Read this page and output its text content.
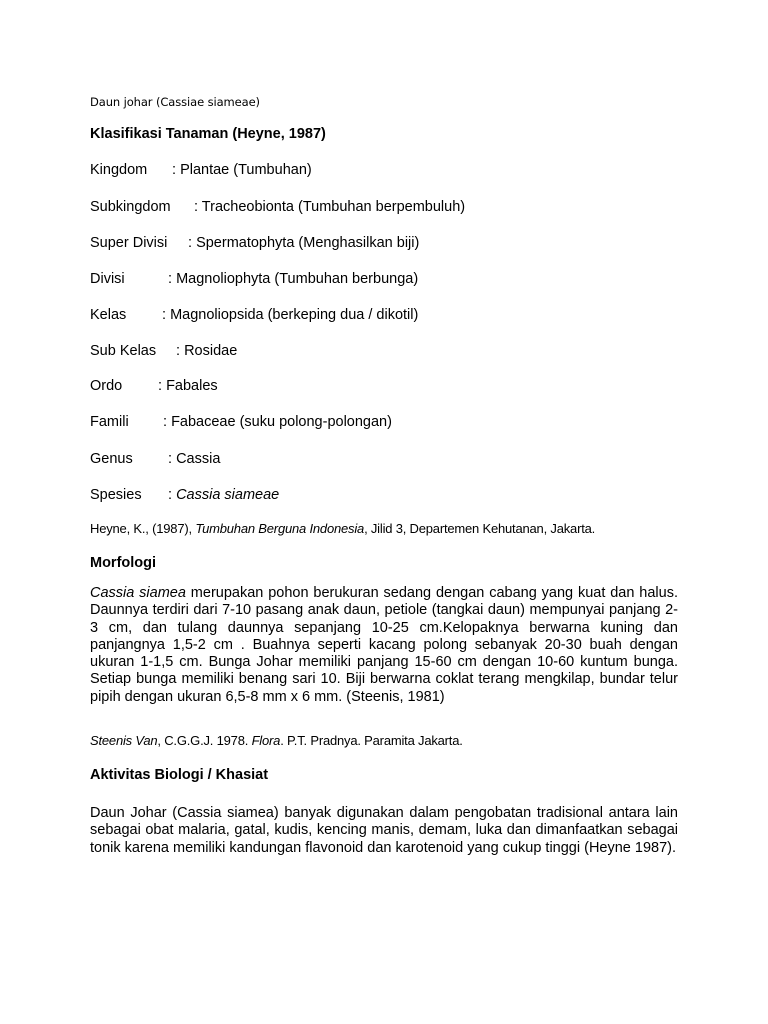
Daun johar (Cassiae siameae)
Klasifikasi Tanaman (Heyne, 1987)
Kingdom : Plantae (Tumbuhan)
Subkingdom : Tracheobionta (Tumbuhan berpembuluh)
Super Divisi : Spermatophyta (Menghasilkan biji)
Divisi	: Magnoliophyta (Tumbuhan berbunga)
Kelas : Magnoliopsida (berkeping dua / dikotil)
Sub Kelas : Rosidae
Ordo : Fabales
Famili : Fabaceae (suku polong-polongan)
Genus : Cassia
Spesies : Cassia siameae
Heyne, K., (1987), Tumbuhan Berguna Indonesia, Jilid 3, Departemen Kehutanan, Jakarta.
Morfologi

Cassia siamea merupakan pohon berukuran sedang dengan cabang yang kuat dan halus. Daunnya terdiri dari 7-10 pasang anak daun, petiole (tangkai daun) mempunyai panjang 2-3 cm, dan tulang daunnya sepanjang 10-25 cm.Kelopaknya berwarna kuning dan panjangnya 1,5-2 cm . Buahnya seperti kacang polong sebanyak 20-30 buah dengan ukuran 1-1,5 cm. Bunga Johar memiliki panjang 15-60 cm dengan 10-60 kuntum bunga. Setiap bunga memiliki benang sari 10. Biji berwarna coklat terang mengkilap, bundar telur pipih dengan ukuran 6,5-8 mm x 6 mm. (Steenis, 1981)

Steenis Van, C.G.G.J. 1978. Flora. P.T. Pradnya. Paramita Jakarta.
Aktivitas Biologi / Khasiat

Daun Johar (Cassia siamea) banyak digunakan dalam pengobatan tradisional antara lain sebagai obat malaria, gatal, kudis, kencing manis, demam, luka dan dimanfaatkan sebagai tonik karena memiliki kandungan flavonoid dan karotenoid yang cukup tinggi (Heyne 1987).
